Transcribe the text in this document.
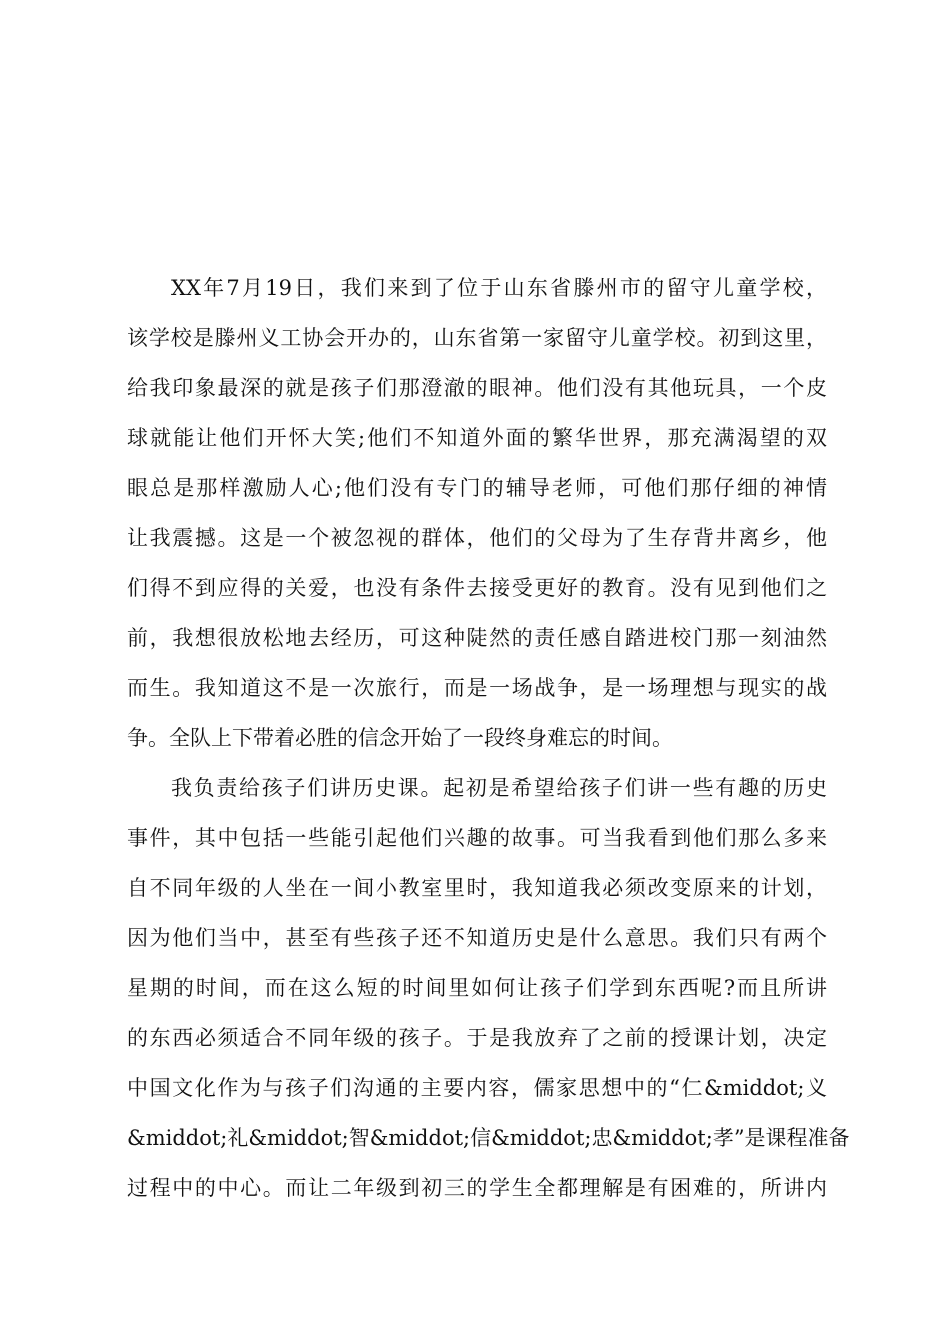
XX年7月19日，我们来到了位于山东省滕州市的留守儿童学校，
该学校是滕州义工协会开办的，山东省第一家留守儿童学校。初到这里，
给我印象最深的就是孩子们那澄澈的眼神。他们没有其他玩具，一个皮
球就能让他们开怀大笑;他们不知道外面的繁华世界，那充满渴望的双
眼总是那样激励人心;他们没有专门的辅导老师，可他们那仔细的神情
让我震撼。这是一个被忽视的群体，他们的父母为了生存背井离乡，他
们得不到应得的关爱，也没有条件去接受更好的教育。没有见到他们之
前，我想很放松地去经历，可这种陡然的责任感自踏进校门那一刻油然
而生。我知道这不是一次旅行，而是一场战争，是一场理想与现实的战
争。全队上下带着必胜的信念开始了一段终身难忘的时间。
我负责给孩子们讲历史课。起初是希望给孩子们讲一些有趣的历史
事件，其中包括一些能引起他们兴趣的故事。可当我看到他们那么多来
自不同年级的人坐在一间小教室里时，我知道我必须改变原来的计划，
因为他们当中，甚至有些孩子还不知道历史是什么意思。我们只有两个
星期的时间，而在这么短的时间里如何让孩子们学到东西呢?而且所讲
的东西必须适合不同年级的孩子。于是我放弃了之前的授课计划，决定
中国文化作为与孩子们沟通的主要内容，儒家思想中的“仁&middot;义
&middot;礼&middot;智&middot;信&middot;忠&middot;孝”是课程准备
过程中的中心。而让二年级到初三的学生全都理解是有困难的，所讲内
